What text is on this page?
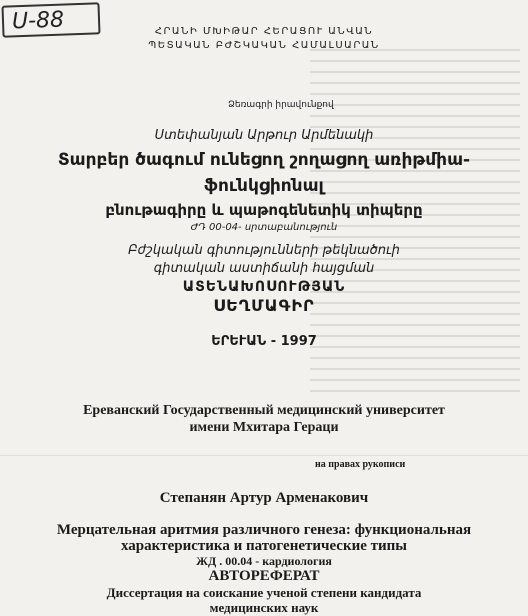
U-88	ՀՐԱՆԻ ՄԽԻԹԱՐ ՀԵՐԱՑՈՒ ԱՆՎԱՆ
ՊԵՏԱԿԱՆ ԲԺՇԿԱԿԱՆ ՀԱՄԱԼՍԱՐԱՆ
Ձեռագրի իրավունքով
Ստեփանյան Արթուր Արմենակի
Տարբեր ծագում ունեցող շողացող առիթմիա-
ֆունկցիոնալ
բնութագիրը և պաթոգենետիկ տիպերը
ԺԴ 00-04- սրտաբանություն
Բժշկական գիտությունների թեկնածուի
գիտական աստիճանի հայցման
ԱՏԵՆԱԽՈՍՈՒԹՅԱՆ
ՍԵՂՄԱԳԻՐ
ԵՐԵՒԱՆ - 1997
Ереванский Государственный медицинский университет
имени Мхитара Гераци
на правах рукописи
Степанян Артур Арменакович
Мерцательная аритмия различного генеза: функциональная
характеристика и патогенетические типы
ЖД . 00.04 - кардиология
АВТОРЕФЕРАТ
Диссертация на соискание ученой степени кандидата
медицинских наук
